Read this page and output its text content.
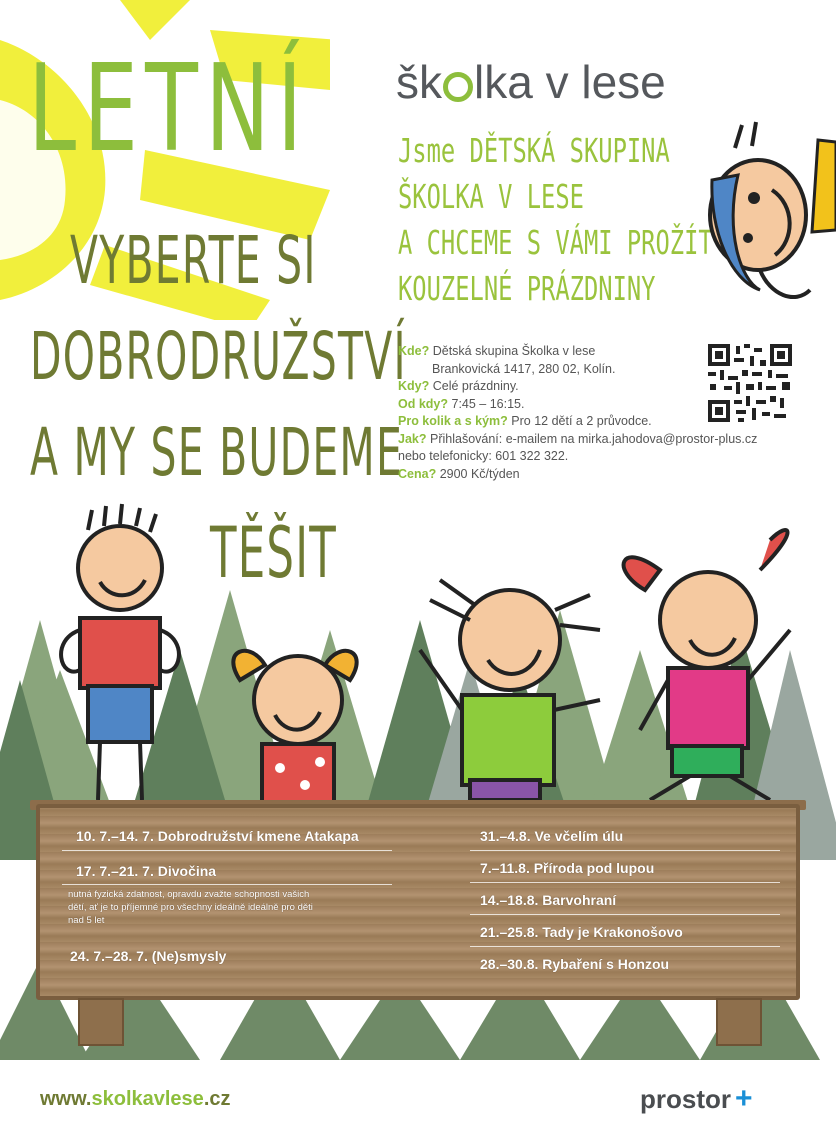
LETNÍ
VYBERTE SI
DOBRODRUŽSTVÍ
A MY SE BUDEME
TĚŠIT
šk lka v lese
Jsme DĚTSKÁ SKUPINA
ŠKOLKA V LESE
A CHCEME S VÁMI PROŽÍT
KOUZELNÉ PRÁZDNINY
Kde? Dětská skupina Školka v lese
Brankovická 1417, 280 02, Kolín.
Kdy? Celé prázdniny.
Od kdy? 7:45 – 16:15.
Pro kolik a s kým? Pro 12 dětí a 2 průvodce.
Jak? Přihlašování: e-mailem na mirka.jahodova@prostor-plus.cz
nebo telefonicky: 601 322 322.
Cena? 2900 Kč/týden
10. 7.–14. 7. Dobrodružství kmene Atakapa
17. 7.–21. 7. Divočina
nutná fyzická zdatnost, opravdu zvažte schopnosti vašich dětí, ať je to příjemné pro všechny ideálně ideálně pro děti nad 5 let
24. 7.–28. 7. (Ne)smysly
31.–4.8. Ve včelím úlu
7.–11.8. Příroda pod lupou
14.–18.8. Barvohraní
21.–25.8. Tady je Krakonošovo
28.–30.8. Rybaření s Honzou
www.skolkavlese.cz	prostor +
